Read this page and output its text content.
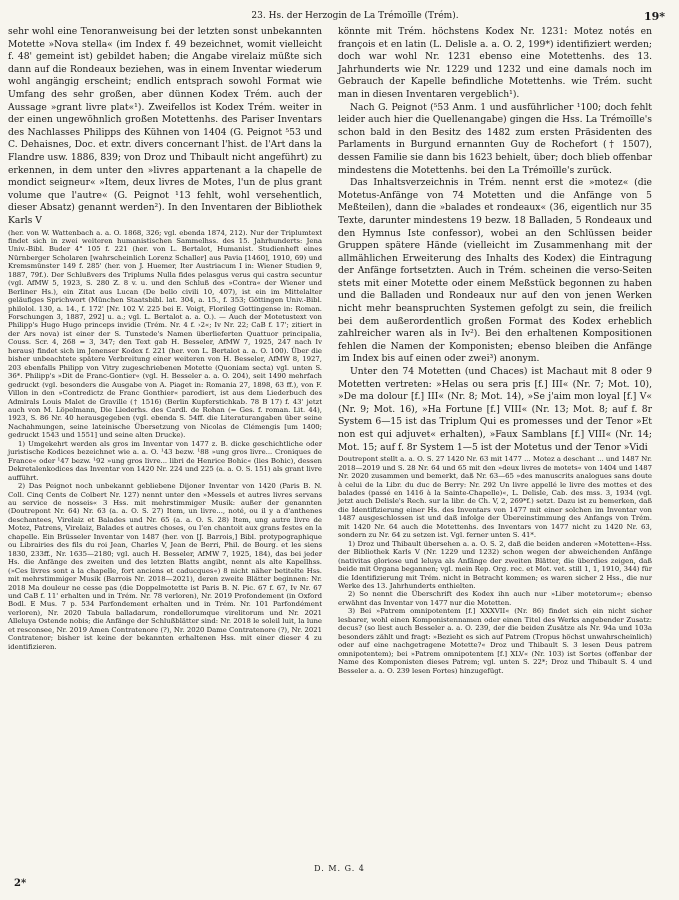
23. Hs. der Herzogin de La Trémoïlle (Trém).	19*

sehr wohl eine Tenoranweisung bei der letzten sonst unbekannten Motette »Nova stella« (im Index f. 49 bezeichnet, womit vielleicht f. 48' gemeint ist) gebildet haben; die Angabe virelaiz müßte sich dann auf die Rondeaux beziehen, was in einem Inventar wiederum wohl angängig erscheint; endlich entsprach sowohl Format wie Umfang des sehr großen, aber dünnen Kodex Trém. auch der Aussage »grant livre plat«¹). Zweifellos ist Kodex Trém. weiter in der einen ungewöhnlich großen Motettenhs. des Pariser Inventars des Nachlasses Philipps des Kühnen von 1404 (G. Peignot ⁵53 und C. Dehaisnes, Doc. et extr. divers concernant l'hist. de l'Art dans la Flandre usw. 1886, 839; von Droz und Thibault nicht angeführt) zu erkennen, in dem unter den »livres appartenant a la chapelle de mondict seigneur« »Item, deux livres de Motes, l'un de plus grant volume que l'autre« (G. Peignot ¹13 fehlt, wohl versehentlich, dieser Absatz) genannt werden²). In den Inventaren der Bibliothek Karls V

(her. von W. Wattenbach a. a. O. 1868, 326; vgl. ebenda 1874, 212). Nur der Triplumtext findet sich in zwei weiteren humanistischen Sammelhss. des 15. Jahrhunderts: Jena Univ.-Bibl. Buder 4° 105 f. 221 (her. von L. Bertalot, Humanist. Studienheft eines Nürnberger Scholaren [wahrscheinlich Lorenz Schaller] aus Pavia [1460], 1910, 69) und Kremsmünster 149 f. 285' (her. von J. Huemer, Iter Austriacum I in: Wiener Studien 9, 1887, 79f.). Der Schlußvers des Triplums Nulla fides pelasgus verus qui castra secuntur (vgl. AfMW 5, 1923, S. 280 Z. 8 v. u. und den Schluß des »Contra« der Wiener und Berliner Hs.), ein Zitat aus Lucan (De bello civili 10, 407), ist ein im Mittelalter geläufiges Sprichwort (München Staatsbibl. lat. 304, a. 15., f. 353; Göttingen Univ.-Bibl. philolol. 130, a. 14., f. 172' [Nr. 102 V. 225 bei E. Voigt, Florileg Gottingense in: Roman. Forschungen 3, 1887, 292] u. a.; vgl. L. Bertalot a. a. O.). — Auch der Motetustext von Philipp's Hugo Hugo princeps invidie (Trém. Nr. 4 f. ›2«; Iv Nr. 22; CaB f. 17'; zitiert in der Ars nova) ist einer der S. Tunstede's Namen überlieferten Quattuor principalia, Couss. Scr. 4, 268 = 3, 347; den Text gab H. Besseler, AfMW 7, 1925, 247 nach Iv heraus) findet sich im Jenenser Kodex f. 221 (her. von L. Bertalot a. a. O. 100). Über die bisher unbeachtete spätere Verbreitung einer weiteren von H. Besseler, AfMW 8, 1927, 203 ebenfalls Philipp von Vitry zugeschriebenen Motette (Quoniam secta) vgl. unten S. 36*. Philipp's »Dit de Franc-Gontier« (vgl. H. Besseler a. a. O. 204), seit 1490 mehrfach gedruckt (vgl. besonders die Ausgabe von A. Piaget in: Romania 27, 1898, 63 ff.), von F. Villon in den »Contredictz de Franc Gonthier« parodiert, ist aus dem Liederbuch des Admirals Louis Malet de Graville († 1516) (Berlin Kupferstichkab. 78 B 17) f. 43' jetzt auch von M. Löpelmann, Die Liederhs. des Cardl. de Rohan (= Ges. f. roman. Lit. 44), 1923, S. 86 Nr. 40 herausgegeben (vgl. ebenda S. 54ff. die Literaturangaben über seine Nachahmungen, seine lateinische Übersetzung von Nicolas de Clémengis [um 1400; gedruckt 1543 und 1551] und seine alten Drucke).

1) Umgekehrt werden als gros im Inventar von 1477 z. B. dicke geschichtliche oder juristische Kodices bezeichnet wie a. a. O. ¹43 bezw. ¹88 »ung gros livre... Croniques de France« oder ¹47 bezw. ¹92 »ung gros livre... libri de Henrice Bohic« (lies Bohic), dessen Dekretalenkodices das Inventar von 1420 Nr. 224 und 225 (a. a. O. S. 151) als grant livre aufführt.

2) Das Peignot noch unbekannt gebliebene Dijoner Inventar von 1420 (Paris B. N. Coll. Cinq Cents de Colbert Nr. 127) nennt unter den »Messels et autres livres servans au service de nosseis« 3 Hss. mit mehrstimmiger Musik: außer der genannten (Doutrepont Nr. 64) Nr. 63 (a. a. O. S. 27) Item, un livre..., noté, ou il y a d'anthenes deschantees, Virelaiz et Balades und Nr. 65 (a. a. O. S. 28) Item, ung autre livre de Motez, Patrens, Virelaiz, Balades et autres choses, ou l'en chantoit aux grans festes en la chapelle. Ein Brüsseler Inventar von 1487 (her. von [J. Barrois,] Bibl. protypographique ou Librairies des fils du roi Jean, Charles V, Jean de Berri, Phil. de Bourg. et les siens 1830, 233ff., Nr. 1635—2180; vgl. auch H. Besseler, AfMW 7, 1925, 184), das bei jeder Hs. die Anfänge des zweiten und des letzten Blatts angibt, nennt als alte Kapellhss. (»Ces livres sont a la chapelle, fort anciens et caducques«) 8 nicht näher betitelte Hss. mit mehrstimmiger Musik (Barrois Nr. 2018—2021), deren zweite Blätter beginnen: Nr. 2018 Ma douleur ne cesse pas (die Doppelmotette ist Paris B. N. Pic. 67 f. 67, Iv Nr. 67 und CaB f. 11' erhalten und in Trém. Nr. 78 verloren), Nr. 2019 Profondement (in Oxford Bodl. E Mus. 7 p. 534 Parfondement erhalten und in Trém. Nr. 101 Parfondément verloren), Nr. 2020 Tabula balladarum, rondellorumque virelitorum und Nr. 2021 Alleluya Ostende nobis; die Anfänge der Schlußblätter sind: Nr. 2018 le soleil luit, la lune et resconsee, Nr. 2019 Amen Contratenore (?), Nr. 2020 Dame Contratenore (?), Nr. 2021 Contratenor; bisher ist keine der bekannten erhaltenen Hss. mit einer dieser 4 zu identifizieren.

könnte mit Trém. höchstens Kodex Nr. 1231: Motez notés en françois et en latin (L. Delisle a. a. O. 2, 199*) identifiziert werden; doch war wohl Nr. 1231 ebenso eine Motettenhs. des 13. Jahrhunderts wie Nr. 1229 und 1232 und eine damals noch im Gebrauch der Kapelle befindliche Motettenhs. wie Trém. sucht man in diesen Inventaren vergeblich¹).

Nach G. Peignot (⁵53 Anm. 1 und ausführlicher ¹100; doch fehlt leider auch hier die Quellenangabe) gingen die Hss. La Trémoïlle's schon bald in den Besitz des 1482 zum ersten Präsidenten des Parlaments in Burgund ernannten Guy de Rochefort († 1507), dessen Familie sie dann bis 1623 behielt, über; doch blieb offenbar mindestens die Motettenhs. bei den La Trémoïlle's zurück.

Das Inhaltsverzeichnis in Trém. nennt erst die »motez« (die Motetus-Anfänge von 74 Motetten und die Anfänge von 5 Meßteilen), dann die »balades et rondeaux« (36, eigentlich nur 35 Texte, darunter mindestens 19 bezw. 18 Balladen, 5 Rondeaux und den Hymnus Iste confessor), wobei an den Schlüssen beider Gruppen spätere Hände (vielleicht im Zusammenhang mit der allmählichen Erweiterung des Inhalts des Kodex) die Eintragung der Anfänge fortsetzten. Auch in Trém. scheinen die verso-Seiten stets mit einer Motette oder einem Meßstück begonnen zu haben und die Balladen und Rondeaux nur auf den von jenen Werken nicht mehr beanspruchten Systemen gefolgt zu sein, die freilich bei dem außerordentlich großen Format des Kodex erheblich zahlreicher waren als in Iv²). Bei den erhaltenen Kompositionen fehlen die Namen der Komponisten; ebenso bleiben die Anfänge im Index bis auf einen oder zwei³) anonym.

Unter den 74 Motetten (und Chaces) ist Machaut mit 8 oder 9 Motetten vertreten: »Helas ou sera pris [f.] III« (Nr. 7; Mot. 10), »De ma dolour [f.] III« (Nr. 8; Mot. 14), »Se j'aim mon loyal [f.] V« (Nr. 9; Mot. 16), »Ha Fortune [f.] VIII« (Nr. 13; Mot. 8; auf f. 8r System 6—15 ist das Triplum Qui es promesses und der Tenor »Et non est qui adjuvet« erhalten), »Faux Samblans [f.] VIII« (Nr. 14; Mot. 15; auf f. 8r System 1—5 ist der Motetus und der Tenor »Vidi

Doutrepont stellt a. a. O. S. 27 1420 Nr. 63 mit 1477 ... Motez a deschant ... und 1487 Nr. 2018—2019 und S. 28 Nr. 64 und 65 mit den »deux livres de motets« von 1404 und 1487 Nr. 2020 zusammen und bemerkt, daß Nr. 63—65 »des manuscrits analogues sans doute à celui de la Libr. du duc de Berry: Nr. 292 Un livre appellé le livre des mottes et des balades (passé en 1416 à la Sainte-Chapelle)«, L. Delisle, Cab. des mss. 3, 1934 (vgl. jetzt auch Delisle's Rech. sur la libr. de Ch. V, 2, 269*f.) setzt. Dazu ist zu bemerken, daß die Identifizierung einer Hs. des Inventars von 1477 mit einer solchen im Inventar von 1487 ausgeschlossen ist und daß infolge der Übereinstimmung des Anfangs von Trém. mit 1420 Nr. 64 auch die Motettenhs. des Inventars von 1477 nicht zu 1420 Nr. 63, sondern zu Nr. 64 zu setzen ist. Vgl. ferner unten S. 41*.

1) Droz und Thibault übersehen a. a. O. S. 2, daß die beiden anderen »Motetten«-Hss. der Bibliothek Karls V (Nr. 1229 und 1232) schon wegen der abweichenden Anfänge (nativitas gloriose und leluya als Anfänge der zweiten Blätter, die überdies zeigen, daß beide mit Organa begannen; vgl. mein Rep. Org. rec. et Mot. vet. still 1, 1, 1910, 344) für die Identifizierung mit Trém. nicht in Betracht kommen; es waren sicher 2 Hss., die nur Werke des 13. Jahrhunderts enthielten.

2) So nennt die Überschrift des Kodex ihn auch nur »Liber motetorum«; ebenso erwähnt das Inventar von 1477 nur die Motetten.

3) Bei »Patrem omnipotentem [f.] XXXVII« (Nr. 86) findet sich ein nicht sicher lesbarer, wohl einen Komponistennamen oder einen Titel des Werks angebender Zusatz: decus? (so liest auch Besseler a. a. O. 239, der die beiden Zusätze als Nr. 94a und 103a besonders zählt und fragt: »Bezieht es sich auf Patrem (Tropus höchst unwahrscheinlich) oder auf eine nachgetragene Motette?« Droz und Thibault S. 3 lesen Deus patrem omnipotentem); bei »Patrem omnipotentem [f.] XLV« (Nr. 103) ist Sortes (offenbar der Name des Komponisten dieses Patrem; vgl. unten S. 22*; Droz und Thibault S. 4 und Besseler a. a. O. 239 lesen Fortes) hinzugefügt.

D. M. G. 4
2*
